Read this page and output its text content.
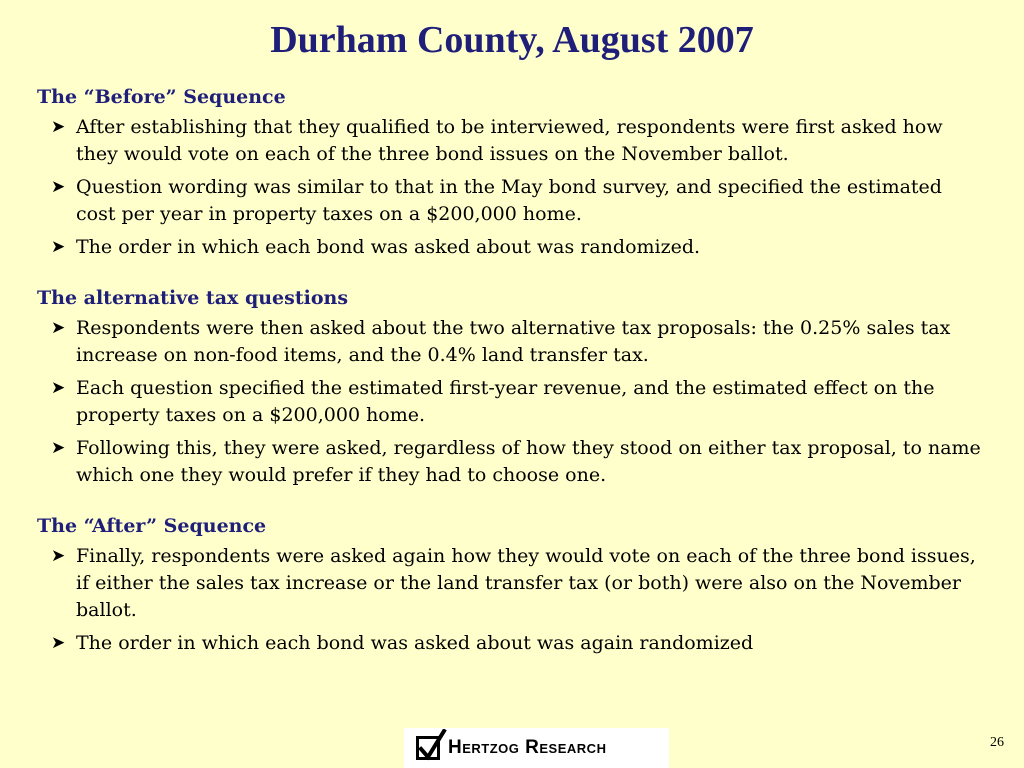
Durham County, August 2007
The “Before” Sequence
➤ After establishing that they qualified to be interviewed, respondents were first asked how they would vote on each of the three bond issues on the November ballot.
➤ Question wording was similar to that in the May bond survey, and specified the estimated cost per year in property taxes on a $200,000 home.
➤ The order in which each bond was asked about was randomized.
The alternative tax questions
➤ Respondents were then asked about the two alternative tax proposals: the 0.25% sales tax increase on non-food items, and the 0.4% land transfer tax.
➤ Each question specified the estimated first-year revenue, and the estimated effect on the property taxes on a $200,000 home.
➤ Following this, they were asked, regardless of how they stood on either tax proposal, to name which one they would prefer if they had to choose one.
The “After” Sequence
➤ Finally, respondents were asked again how they would vote on each of the three bond issues, if either the sales tax increase or the land transfer tax (or both) were also on the November ballot.
➤ The order in which each bond was asked about was again randomized
Hertzog Research	26
